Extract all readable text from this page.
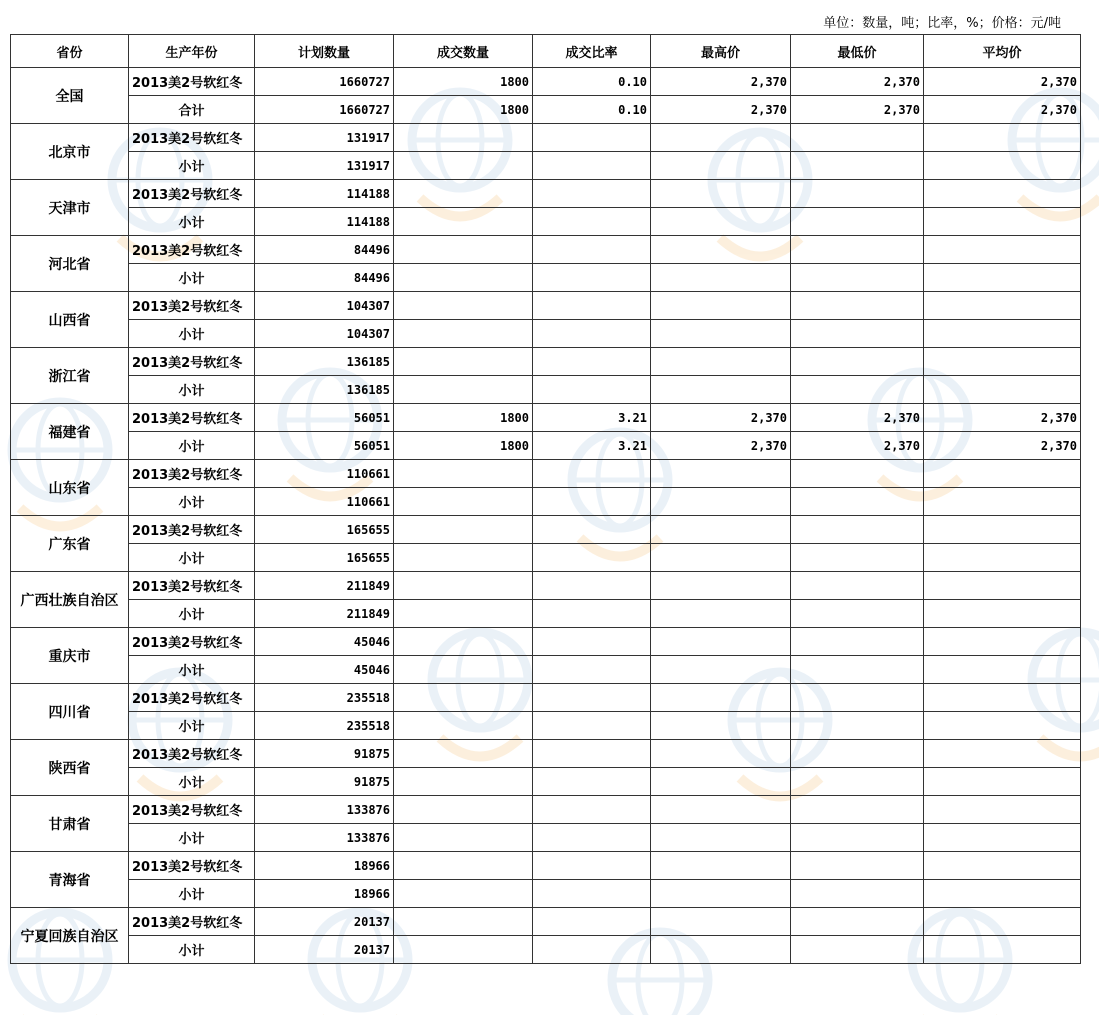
单位：数量，吨；比率，%；价格：元/吨
省份	生产年份	计划数量	成交数量	成交比率	最高价	最低价	平均价
全国	2013美2号软红冬	1660727	1800	0.10	2,370	2,370	2,370
	合计	1660727	1800	0.10	2,370	2,370	2,370
北京市	2013美2号软红冬	131917					
	小计	131917					
天津市	2013美2号软红冬	114188					
	小计	114188					
河北省	2013美2号软红冬	84496					
	小计	84496					
山西省	2013美2号软红冬	104307					
	小计	104307					
浙江省	2013美2号软红冬	136185					
	小计	136185					
福建省	2013美2号软红冬	56051	1800	3.21	2,370	2,370	2,370
	小计	56051	1800	3.21	2,370	2,370	2,370
山东省	2013美2号软红冬	110661					
	小计	110661					
广东省	2013美2号软红冬	165655					
	小计	165655					
广西壮族自治区	2013美2号软红冬	211849					
	小计	211849					
重庆市	2013美2号软红冬	45046					
	小计	45046					
四川省	2013美2号软红冬	235518					
	小计	235518					
陕西省	2013美2号软红冬	91875					
	小计	91875					
甘肃省	2013美2号软红冬	133876					
	小计	133876					
青海省	2013美2号软红冬	18966					
	小计	18966					
宁夏回族自治区	2013美2号软红冬	20137					
	小计	20137					
